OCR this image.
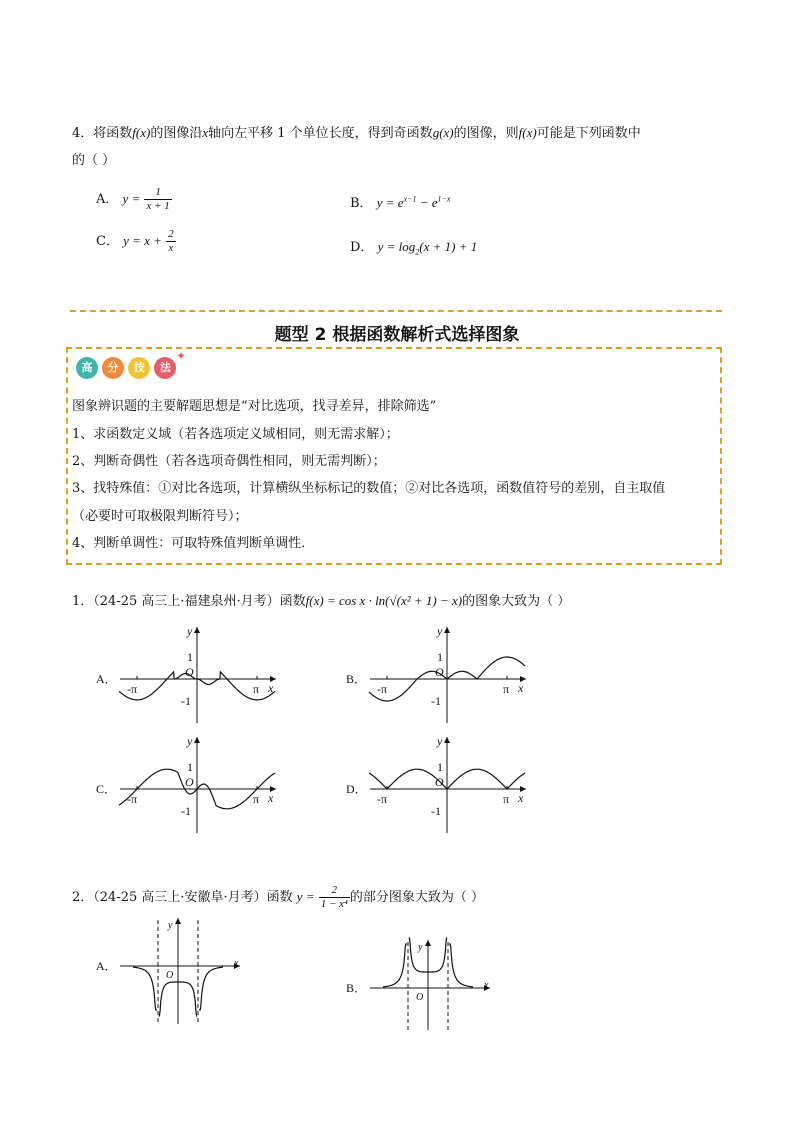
4．将函数f(x)的图像沿x轴向左平移 1 个单位长度，得到奇函数g(x)的图像，则f(x)可能是下列函数中
的（ ）
A． $y = \frac{1}{x + 1}$	B． $y = e^{x-1} - e^{1-x}$
C． $y = x + \frac{2}{x}$	D． $y = \log_2(x + 1) + 1$
题型 2 根据函数解析式选择图象
高 分 技 法
✦
图象辨识题的主要解题思想是“对比选项，找寻差异，排除筛选”
1、求函数定义域（若各选项定义域相同，则无需求解）；
2、判断奇偶性（若各选项奇偶性相同，则无需判断）；
3、找特殊值：①对比各选项，计算横纵坐标标记的数值；②对比各选项，函数值符号的差别，自主取值
（必要时可取极限判断符号）；
4、判断单调性：可取特殊值判断单调性．
1．（24-25 高三上·福建泉州·月考）函数f(x) = cos x · ln(√(x² + 1) − x)的图象大致为（ ）
A．
y
x
O
1
-1
-π	π
B．
y
x
O
1
-1
-π	π
C．
y
x
O
1
-1
-π	π
D．
y
x
O
1
-1
-π	π
2．（24-25 高三上·安徽阜·月考）函数 $y = \frac{2}{\text{1 − x⁴}}$ 的部分图象大致为（ ）
A．
y
x
O
B．
y
x
O
